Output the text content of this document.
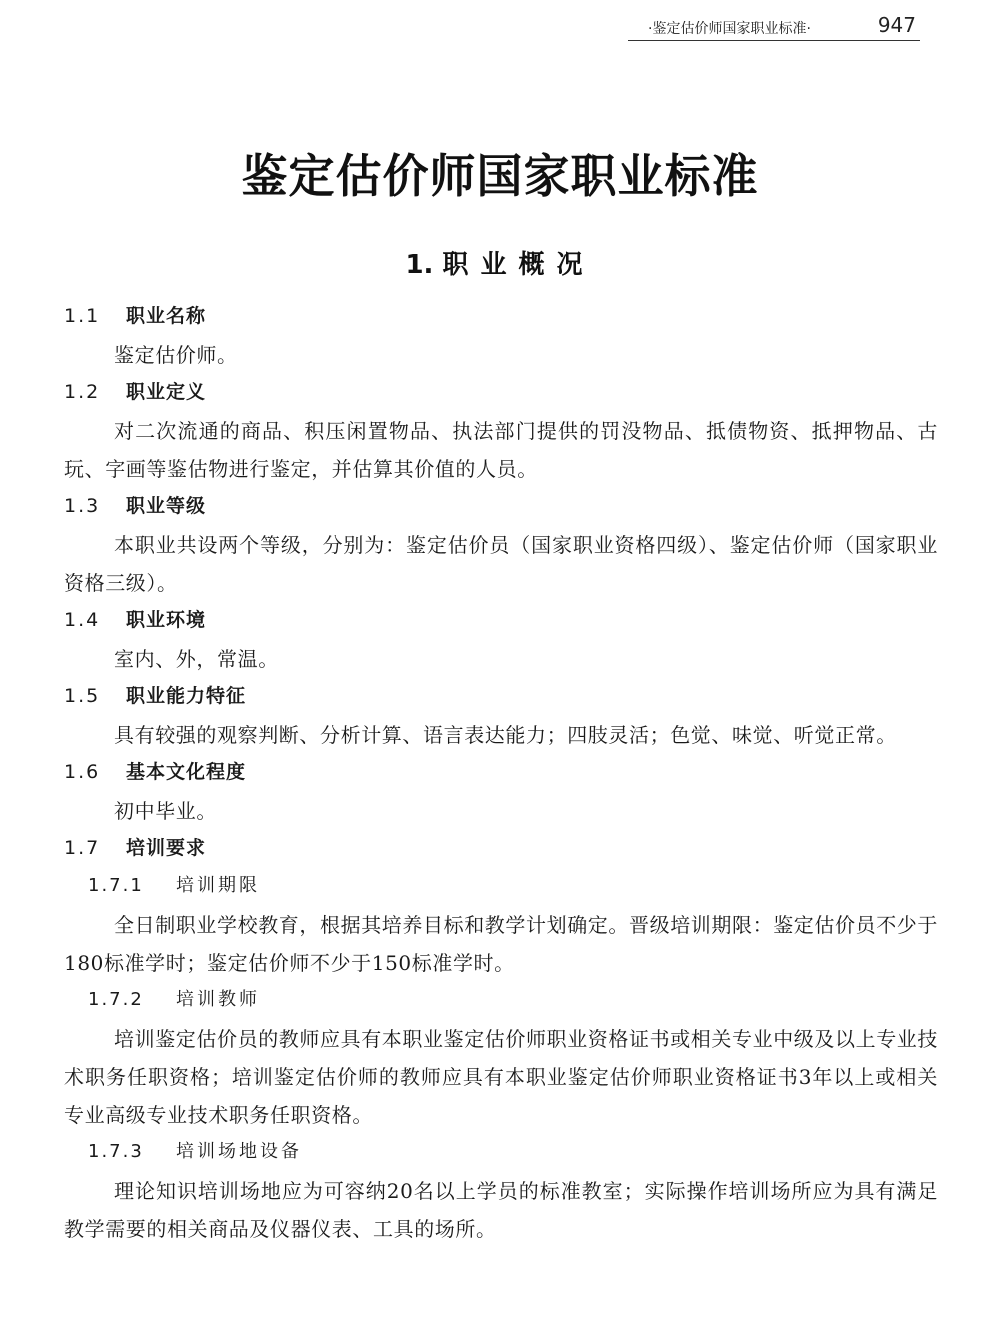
·鉴定估价师国家职业标准·	947
鉴定估价师国家职业标准
1. 职业概况
1.1 职业名称

鉴定估价师。

1.2 职业定义

对二次流通的商品、积压闲置物品、执法部门提供的罚没物品、抵债物资、抵押物品、古玩、字画等鉴估物进行鉴定，并估算其价值的人员。

1.3 职业等级

本职业共设两个等级，分别为：鉴定估价员（国家职业资格四级）、鉴定估价师（国家职业资格三级）。

1.4 职业环境

室内、外，常温。

1.5 职业能力特征

具有较强的观察判断、分析计算、语言表达能力；四肢灵活；色觉、味觉、听觉正常。

1.6 基本文化程度

初中毕业。

1.7 培训要求
1.7.1 培训期限

全日制职业学校教育，根据其培养目标和教学计划确定。晋级培训期限：鉴定估价员不少于180标准学时；鉴定估价师不少于150标准学时。

1.7.2 培训教师

培训鉴定估价员的教师应具有本职业鉴定估价师职业资格证书或相关专业中级及以上专业技术职务任职资格；培训鉴定估价师的教师应具有本职业鉴定估价师职业资格证书3年以上或相关专业高级专业技术职务任职资格。

1.7.3 培训场地设备

理论知识培训场地应为可容纳20名以上学员的标准教室；实际操作培训场所应为具有满足教学需要的相关商品及仪器仪表、工具的场所。
